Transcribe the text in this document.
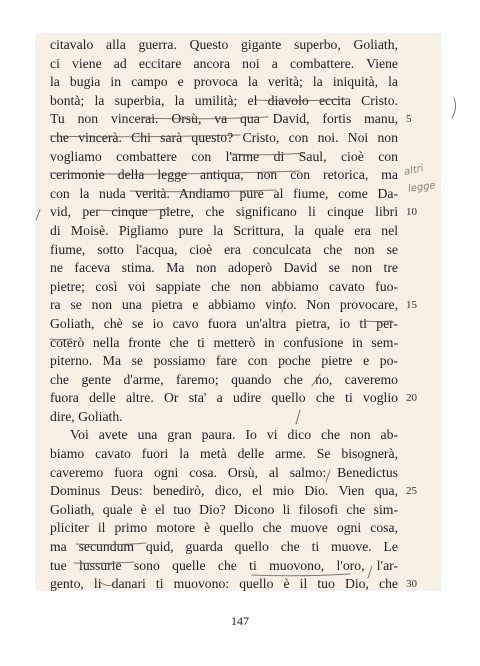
citavalo alla guerra. Questo gigante superbo, Goliath,
ci viene ad eccitare ancora noi a combattere. Viene
la bugia in campo e provoca la verità; la iniquità, la
bontà; la superbia, la umilità; el diavolo eccita Cristo.
Tu non vincerai. Orsù, va qua David, fortis manu,
che vincerà. Chi sarà questo? Cristo, con noi. Noi non
vogliamo combattere con l'arme di Saul, cioè con
cerimonie della legge antiqua, non con retorica, ma
con la nuda verità. Andiamo pure al fiume, come Da-
vid, per cinque pietre, che significano li cinque libri
di Moisè. Pigliamo pure la Scrittura, la quale era nel
fiume, sotto l'acqua, cioè era conculcata che non se
ne faceva stima. Ma non adoperò David se non tre
pietre; così voi sappiate che non abbiamo cavato fuo-
ra se non una pietra e abbiamo vinto. Non provocare,
Goliath, chè se io cavo fuora un'altra pietra, io ti per-
coterò nella fronte che ti metterò in confusione in sem-
piterno. Ma se possiamo fare con poche pietre e po-
che gente d'arme, faremo; quando che no, caveremo
fuora delle altre. Or sta' a udire quello che ti voglio
dire, Goliath.
Voi avete una gran paura. Io vi dico che non ab-
biamo cavato fuori la metà delle arme. Se bisognerà,
caveremo fuora ogni cosa. Orsù, al salmo: Benedictus
Dominus Deus: benedirò, dico, el mio Dio. Vien qua,
Goliath, quale è el tuo Dio? Dicono li filosofi che sim-
pliciter il primo motore è quello che muove ogni cosa,
ma secundum quid, guarda quello che ti muove. Le
tue lussurie sono quelle che ti muovono, l'oro, l'ar-
gento, li danari ti muovono: quello è il tuo Dio, che
5
10
15
20
25
30
altri
legge
147
